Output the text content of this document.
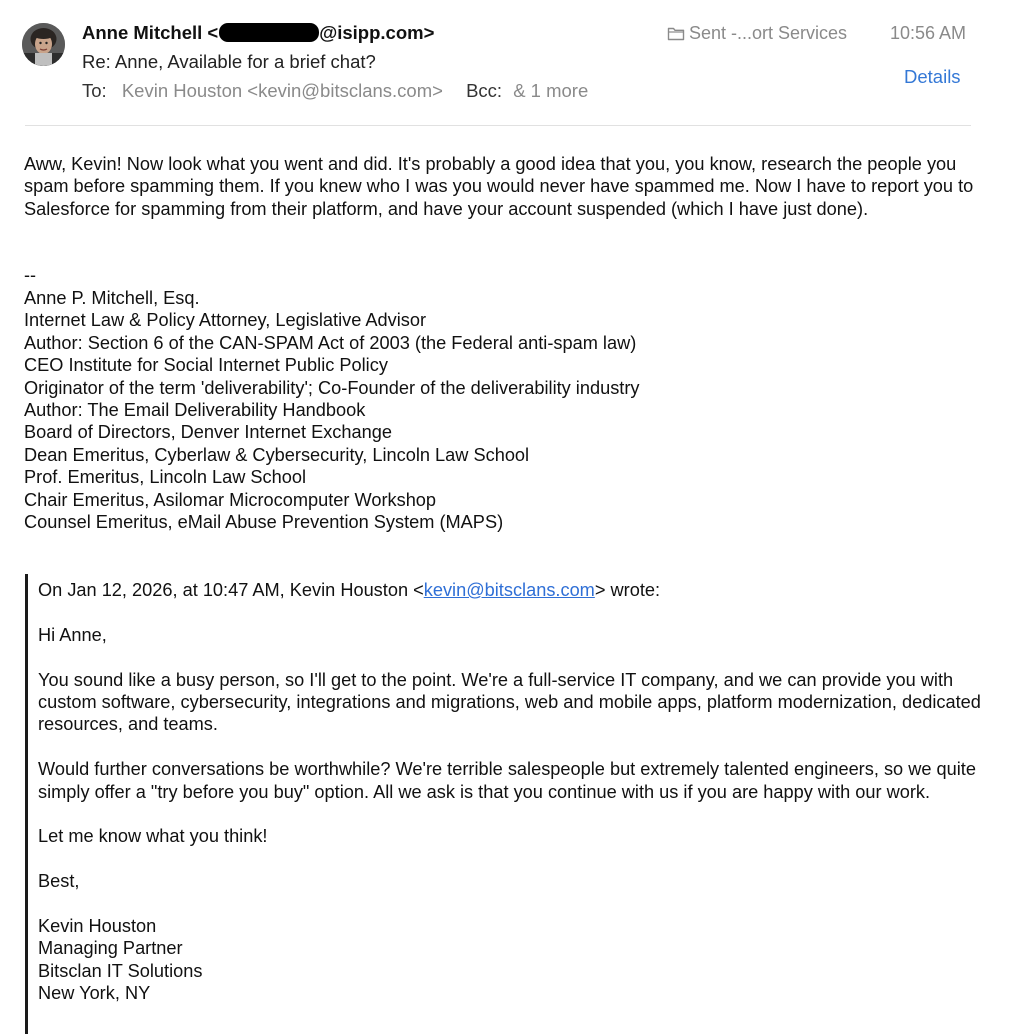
Anne Mitchell <	@isipp.com>
Re: Anne, Available for a brief chat?
To: Kevin Houston <kevin@bitsclans.com> Bcc: & 1 more
Sent -...ort Services 10:56 AM
Details
Aww, Kevin! Now look what you went and did. It's probably a good idea that you, you know, research the people you spam before spamming them. If you knew who I was you would never have spammed me. Now I have to report you to Salesforce for spamming from their platform, and have your account suspended (which I have just done).
--
Anne P. Mitchell, Esq.
Internet Law & Policy Attorney, Legislative Advisor
Author: Section 6 of the CAN-SPAM Act of 2003 (the Federal anti-spam law)
CEO Institute for Social Internet Public Policy
Originator of the term 'deliverability'; Co-Founder of the deliverability industry
Author: The Email Deliverability Handbook
Board of Directors, Denver Internet Exchange
Dean Emeritus, Cyberlaw & Cybersecurity, Lincoln Law School
Prof. Emeritus, Lincoln Law School
Chair Emeritus, Asilomar Microcomputer Workshop
Counsel Emeritus, eMail Abuse Prevention System (MAPS)
On Jan 12, 2026, at 10:47 AM, Kevin Houston <kevin@bitsclans.com> wrote:
Hi Anne,
You sound like a busy person, so I'll get to the point. We're a full-service IT company, and we can provide you with custom software, cybersecurity, integrations and migrations, web and mobile apps, platform modernization, dedicated resources, and teams.
Would further conversations be worthwhile? We're terrible salespeople but extremely talented engineers, so we quite simply offer a "try before you buy" option. All we ask is that you continue with us if you are happy with our work.
Let me know what you think!
Best,
Kevin Houston
Managing Partner
Bitsclan IT Solutions
New York, NY
